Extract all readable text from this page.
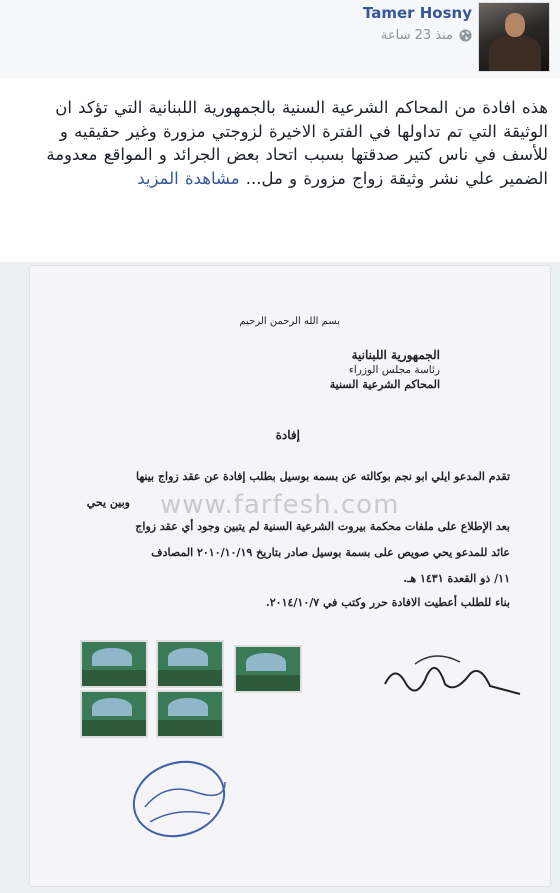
Tamer Hosny
منذ 23 ساعة
هذه افادة من المحاكم الشرعية السنية بالجمهورية اللبنانية التي تؤكد ان الوثيقة التي تم تداولها في الفترة الاخيرة لزوجتي مزورة وغير حقيقيه و للأسف في ناس كتير صدقتها بسبب اتحاد بعض الجرائد و المواقع معدومة الضمير علي نشر وثيقة زواج مزورة و مل... مشاهدة المزيد
بسم الله الرحمن الرحيم
الجمهورية اللبنانية
رئاسة مجلس الوزراء
المحاكم الشرعية السنية
إفادة
تقدم المدعو ايلي ابو نجم بوكالته عن بسمه بوسيل بطلب إفادة عن عقد زواج بينها
وبين يحي
بعد الإطلاع على ملفات محكمة بيروت الشرعية السنية لم يتبين وجود أي عقد زواج
عائد للمدعو يحي صويص على بسمة بوسيل صادر بتاريخ ٢٠١٠/١٠/١٩ المصادف
١١/ ذو القعدة ١٤٣١ هـ.
بناء للطلب أعطيت الافادة حرر وكتب في ٢٠١٤/١٠/٧.
www.farfesh.com
